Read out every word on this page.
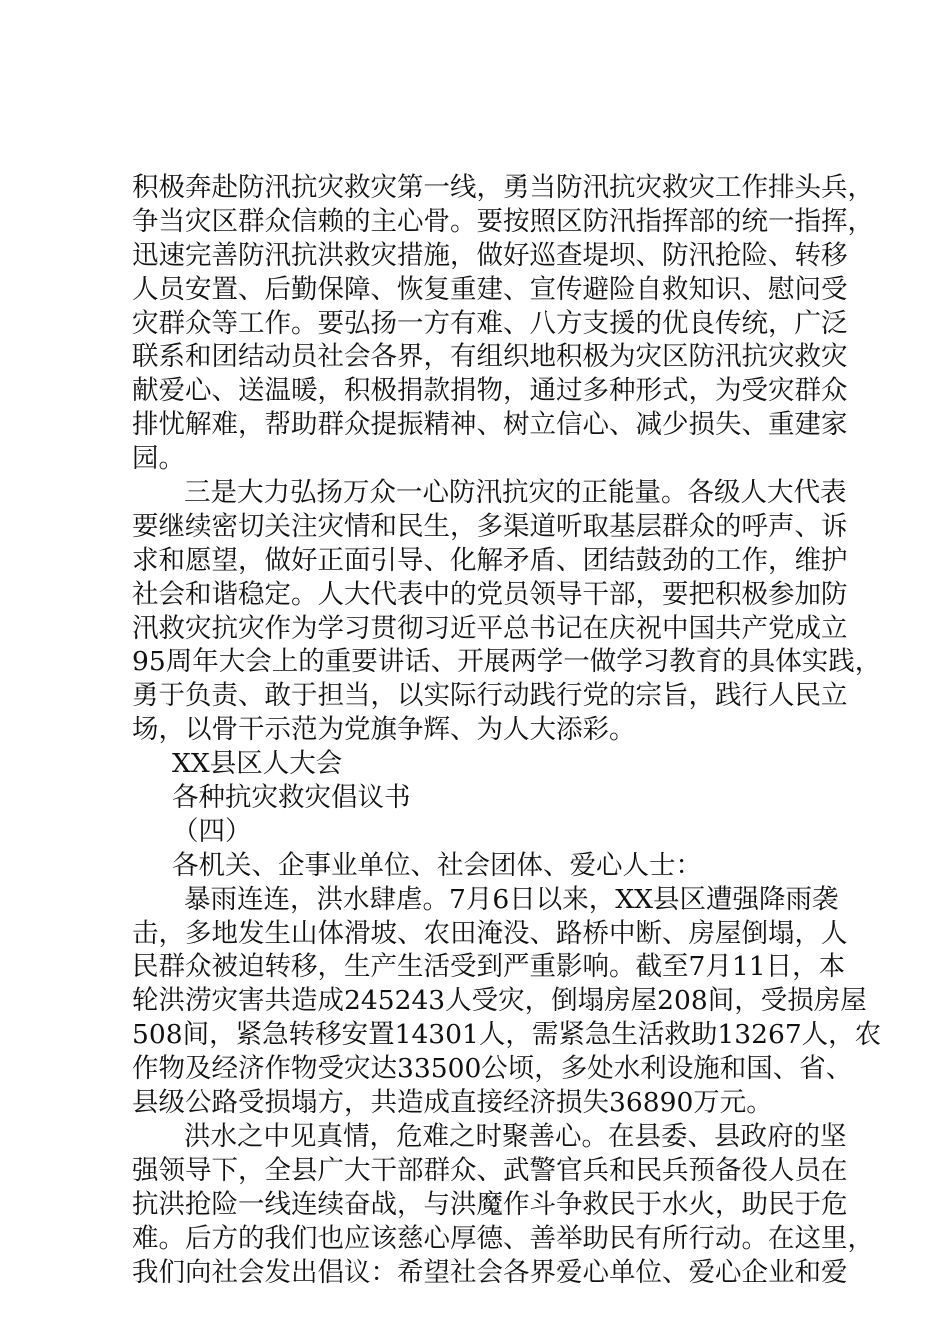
积极奔赴防汛抗灾救灾第一线，勇当防汛抗灾救灾工作排头兵，
争当灾区群众信赖的主心骨。要按照区防汛指挥部的统一指挥，
迅速完善防汛抗洪救灾措施，做好巡查堤坝、防汛抢险、转移
人员安置、后勤保障、恢复重建、宣传避险自救知识、慰问受
灾群众等工作。要弘扬一方有难、八方支援的优良传统，广泛
联系和团结动员社会各界，有组织地积极为灾区防汛抗灾救灾
献爱心、送温暖，积极捐款捐物，通过多种形式，为受灾群众
排忧解难，帮助群众提振精神、树立信心、减少损失、重建家
园。
三是大力弘扬万众一心防汛抗灾的正能量。各级人大代表
要继续密切关注灾情和民生，多渠道听取基层群众的呼声、诉
求和愿望，做好正面引导、化解矛盾、团结鼓劲的工作，维护
社会和谐稳定。人大代表中的党员领导干部，要把积极参加防
汛救灾抗灾作为学习贯彻习近平总书记在庆祝中国共产党成立
95周年大会上的重要讲话、开展两学一做学习教育的具体实践，
勇于负责、敢于担当，以实际行动践行党的宗旨，践行人民立
场，以骨干示范为党旗争辉、为人大添彩。
XX县区人大会
各种抗灾救灾倡议书
（四）
各机关、企事业单位、社会团体、爱心人士：
暴雨连连，洪水肆虐。7月6日以来，XX县区遭强降雨袭
击，多地发生山体滑坡、农田淹没、路桥中断、房屋倒塌，人
民群众被迫转移，生产生活受到严重影响。截至7月11日，本
轮洪涝灾害共造成245243人受灾，倒塌房屋208间，受损房屋
508间，紧急转移安置14301人，需紧急生活救助13267人，农
作物及经济作物受灾达33500公顷，多处水利设施和国、省、
县级公路受损塌方，共造成直接经济损失36890万元。
洪水之中见真情，危难之时聚善心。在县委、县政府的坚
强领导下，全县广大干部群众、武警官兵和民兵预备役人员在
抗洪抢险一线连续奋战，与洪魔作斗争救民于水火，助民于危
难。后方的我们也应该慈心厚德、善举助民有所行动。在这里，
我们向社会发出倡议：希望社会各界爱心单位、爱心企业和爱
